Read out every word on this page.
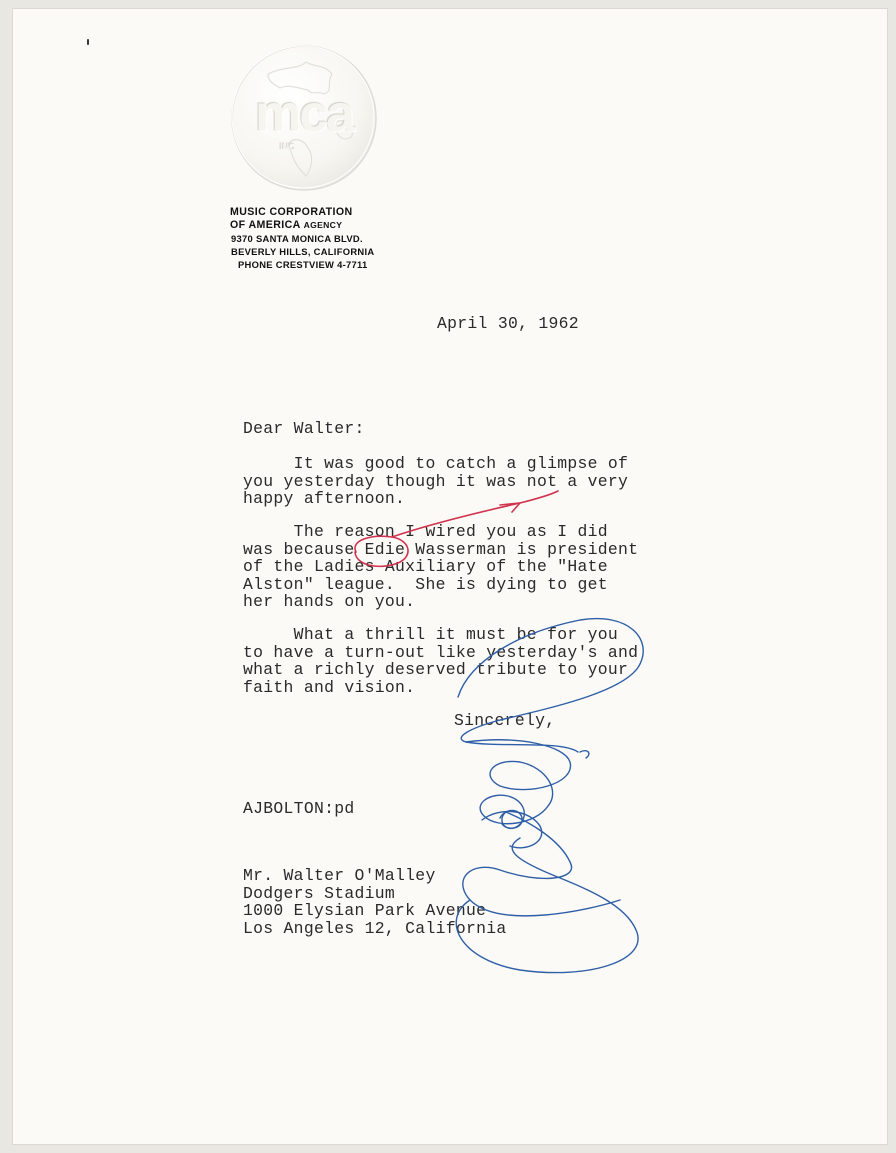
mca
INC
MUSIC CORPORATION
OF AMERICA AGENCY
9370 SANTA MONICA BLVD.
BEVERLY HILLS, CALIFORNIA
PHONE CRESTVIEW 4-7711
April 30, 1962
Dear Walter:
It was good to catch a glimpse of
you yesterday though it was not a very
happy afternoon.
The reason I wired you as I did
was because Edie Wasserman is president
of the Ladies Auxiliary of the "Hate
Alston" league.  She is dying to get
her hands on you.
What a thrill it must be for you
to have a turn-out like yesterday's and
what a richly deserved tribute to your
faith and vision.
Sincerely,
AJBOLTON:pd
Mr. Walter O'Malley
Dodgers Stadium
1000 Elysian Park Avenue
Los Angeles 12, California
